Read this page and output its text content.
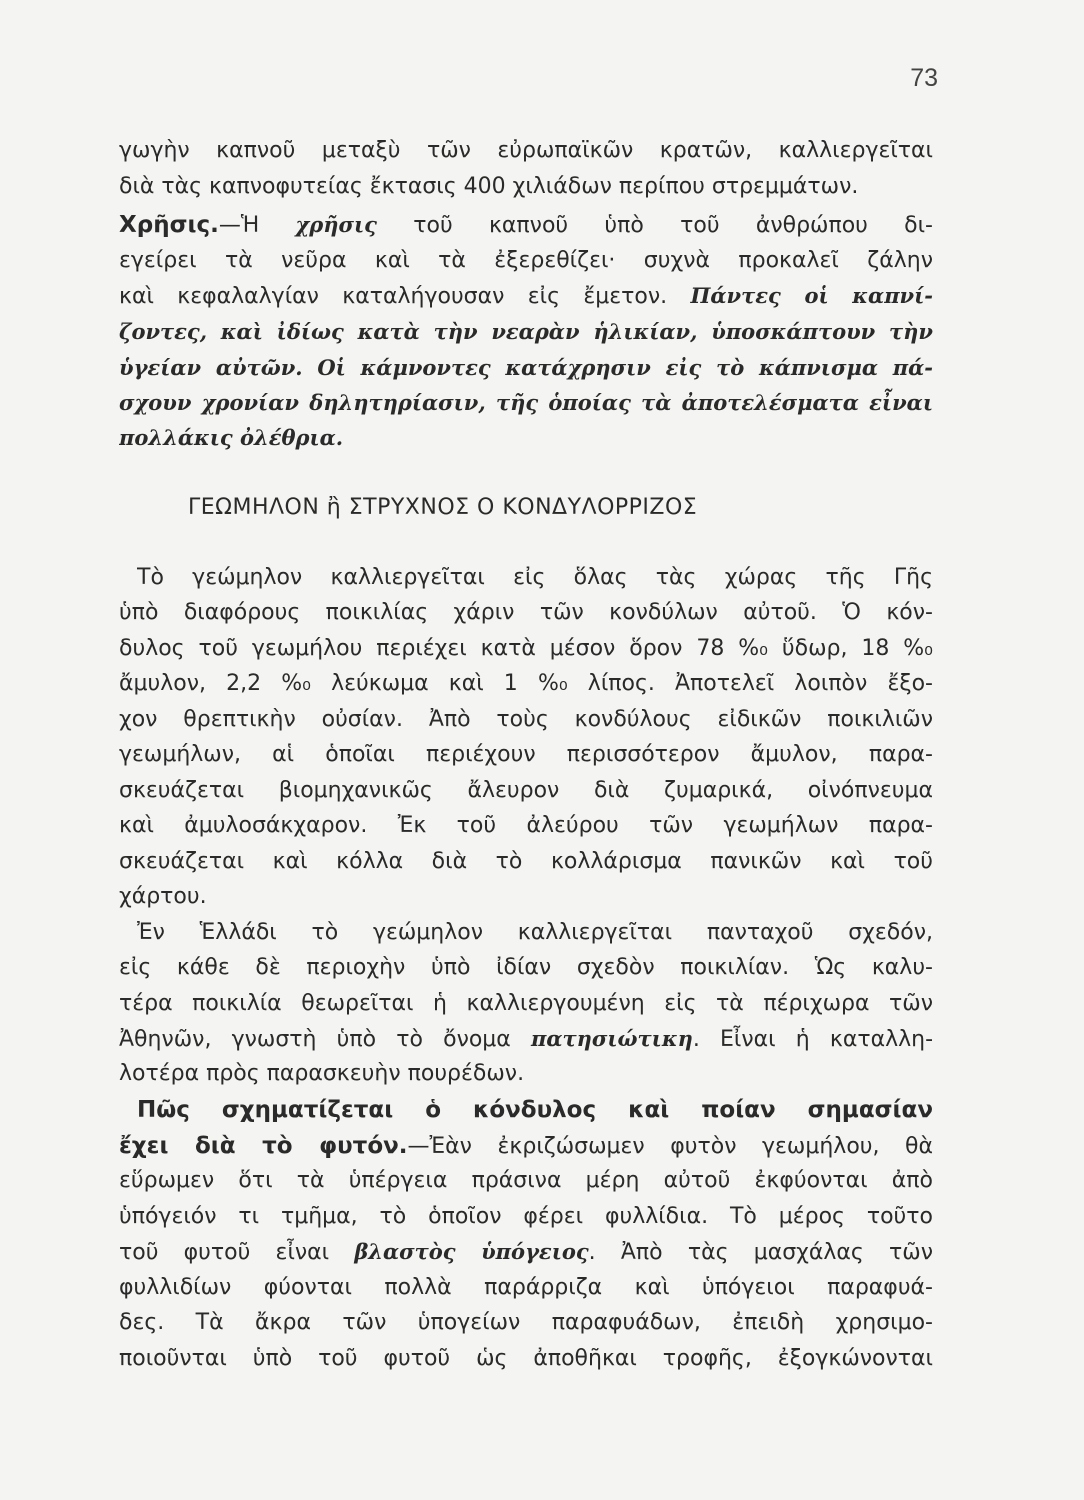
73
γωγὴν καπνοῦ μεταξὺ τῶν εὐρωπαϊκῶν κρατῶν, καλλιεργεῖται
διὰ τὰς καπνοφυτείας ἔκτασις 400 χιλιάδων περίπου στρεμμάτων.
Χρῆσις.—Ἡ χρῆσις τοῦ καπνοῦ ὑπὸ τοῦ ἀνθρώπου δι-
εγείρει τὰ νεῦρα καὶ τὰ ἐξερεθίζει· συχνὰ προκαλεῖ ζάλην
καὶ κεφαλαλγίαν καταλήγουσαν εἰς ἔμετον. Πάντες οἱ καπνί-
ζοντες, καὶ ἰδίως κατὰ τὴν νεαρὰν ἡλικίαν, ὑποσκάπτουν τὴν
ὑγείαν αὐτῶν. Οἱ κάμνοντες κατάχρησιν εἰς τὸ κάπνισμα πά-
σχουν χρονίαν δηλητηρίασιν, τῆς ὁποίας τὰ ἀποτελέσματα εἶναι
πολλάκις ὀλέθρια.
ΓΕΩΜΗΛΟΝ ἢ ΣΤΡΥΧΝΟΣ Ο ΚΟΝΔΥΛΟΡΡΙΖΟΣ
Τὸ γεώμηλον καλλιεργεῖται εἰς ὅλας τὰς χώρας τῆς Γῆς
ὑπὸ διαφόρους ποικιλίας χάριν τῶν κονδύλων αὐτοῦ. Ὁ κόν-
δυλος τοῦ γεωμήλου περιέχει κατὰ μέσον ὅρον 78 %₀ ὕδωρ, 18 %₀
ἄμυλον, 2,2 %₀ λεύκωμα καὶ 1 %₀ λίπος. Ἀποτελεῖ λοιπὸν ἔξο-
χον θρεπτικὴν οὐσίαν. Ἀπὸ τοὺς κονδύλους εἰδικῶν ποικιλιῶν
γεωμήλων, αἱ ὁποῖαι περιέχουν περισσότερον ἄμυλον, παρα-
σκευάζεται βιομηχανικῶς ἄλευρον διὰ ζυμαρικά, οἰνόπνευμα
καὶ ἀμυλοσάκχαρον. Ἐκ τοῦ ἀλεύρου τῶν γεωμήλων παρα-
σκευάζεται καὶ κόλλα διὰ τὸ κολλάρισμα πανικῶν καὶ τοῦ
χάρτου.
Ἐν Ἑλλάδι τὸ γεώμηλον καλλιεργεῖται πανταχοῦ σχεδόν,
εἰς κάθε δὲ περιοχὴν ὑπὸ ἰδίαν σχεδὸν ποικιλίαν. Ὡς καλυ-
τέρα ποικιλία θεωρεῖται ἡ καλλιεργουμένη εἰς τὰ πέριχωρα τῶν
Ἀθηνῶν, γνωστὴ ὑπὸ τὸ ὄνομα πατησιώτικη. Εἶναι ἡ καταλλη-
λοτέρα πρὸς παρασκευὴν πουρέδων.
Πῶς σχηματίζεται ὁ κόνδυλος καὶ ποίαν σημασίαν
ἔχει διὰ τὸ φυτόν.—Ἐὰν ἐκριζώσωμεν φυτὸν γεωμήλου, θὰ
εὕρωμεν ὅτι τὰ ὑπέργεια πράσινα μέρη αὐτοῦ ἐκφύονται ἀπὸ
ὑπόγειόν τι τμῆμα, τὸ ὁποῖον φέρει φυλλίδια. Τὸ μέρος τοῦτο
τοῦ φυτοῦ εἶναι βλαστὸς ὑπόγειος. Ἀπὸ τὰς μασχάλας τῶν
φυλλιδίων φύονται πολλὰ παράρριζα καὶ ὑπόγειοι παραφυά-
δες. Τὰ ἄκρα τῶν ὑπογείων παραφυάδων, ἐπειδὴ χρησιμο-
ποιοῦνται ὑπὸ τοῦ φυτοῦ ὡς ἀποθῆκαι τροφῆς, ἐξογκώνονται
